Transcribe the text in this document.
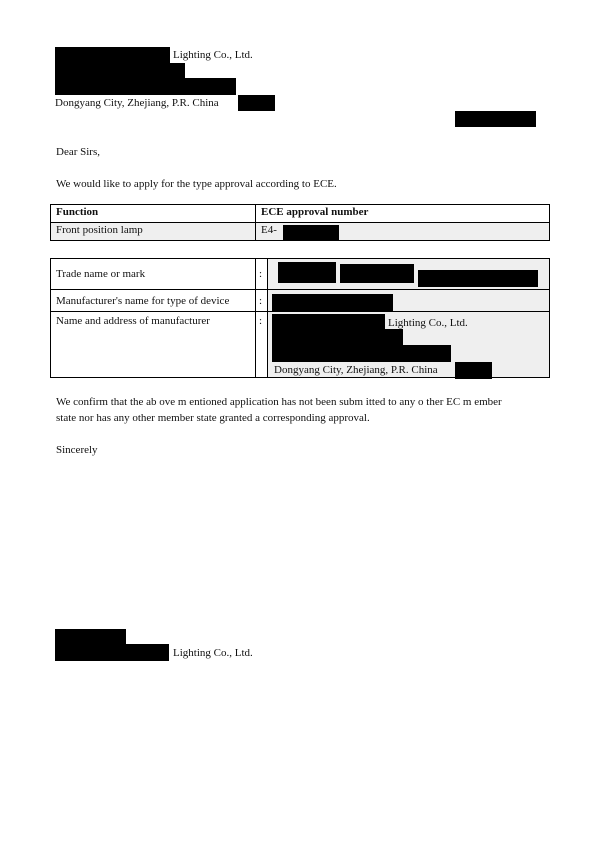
Lighting Co., Ltd.
Dongyang City, Zhejiang, P.R. China
Dear Sirs,
We would like to apply for the type approval according to ECE.
Function	ECE approval number
Front position lamp	E4-
Trade name or mark	:	
Manufacturer's name for type of device	:	
Name and address of manufacturer	:		Lighting Co., Ltd.
Dongyang City, Zhejiang, P.R. China
We confirm that the ab ove m entioned application has not been subm itted to any o ther EC m ember
state nor has any other member state granted a corresponding approval.
Sincerely
Lighting Co., Ltd.
